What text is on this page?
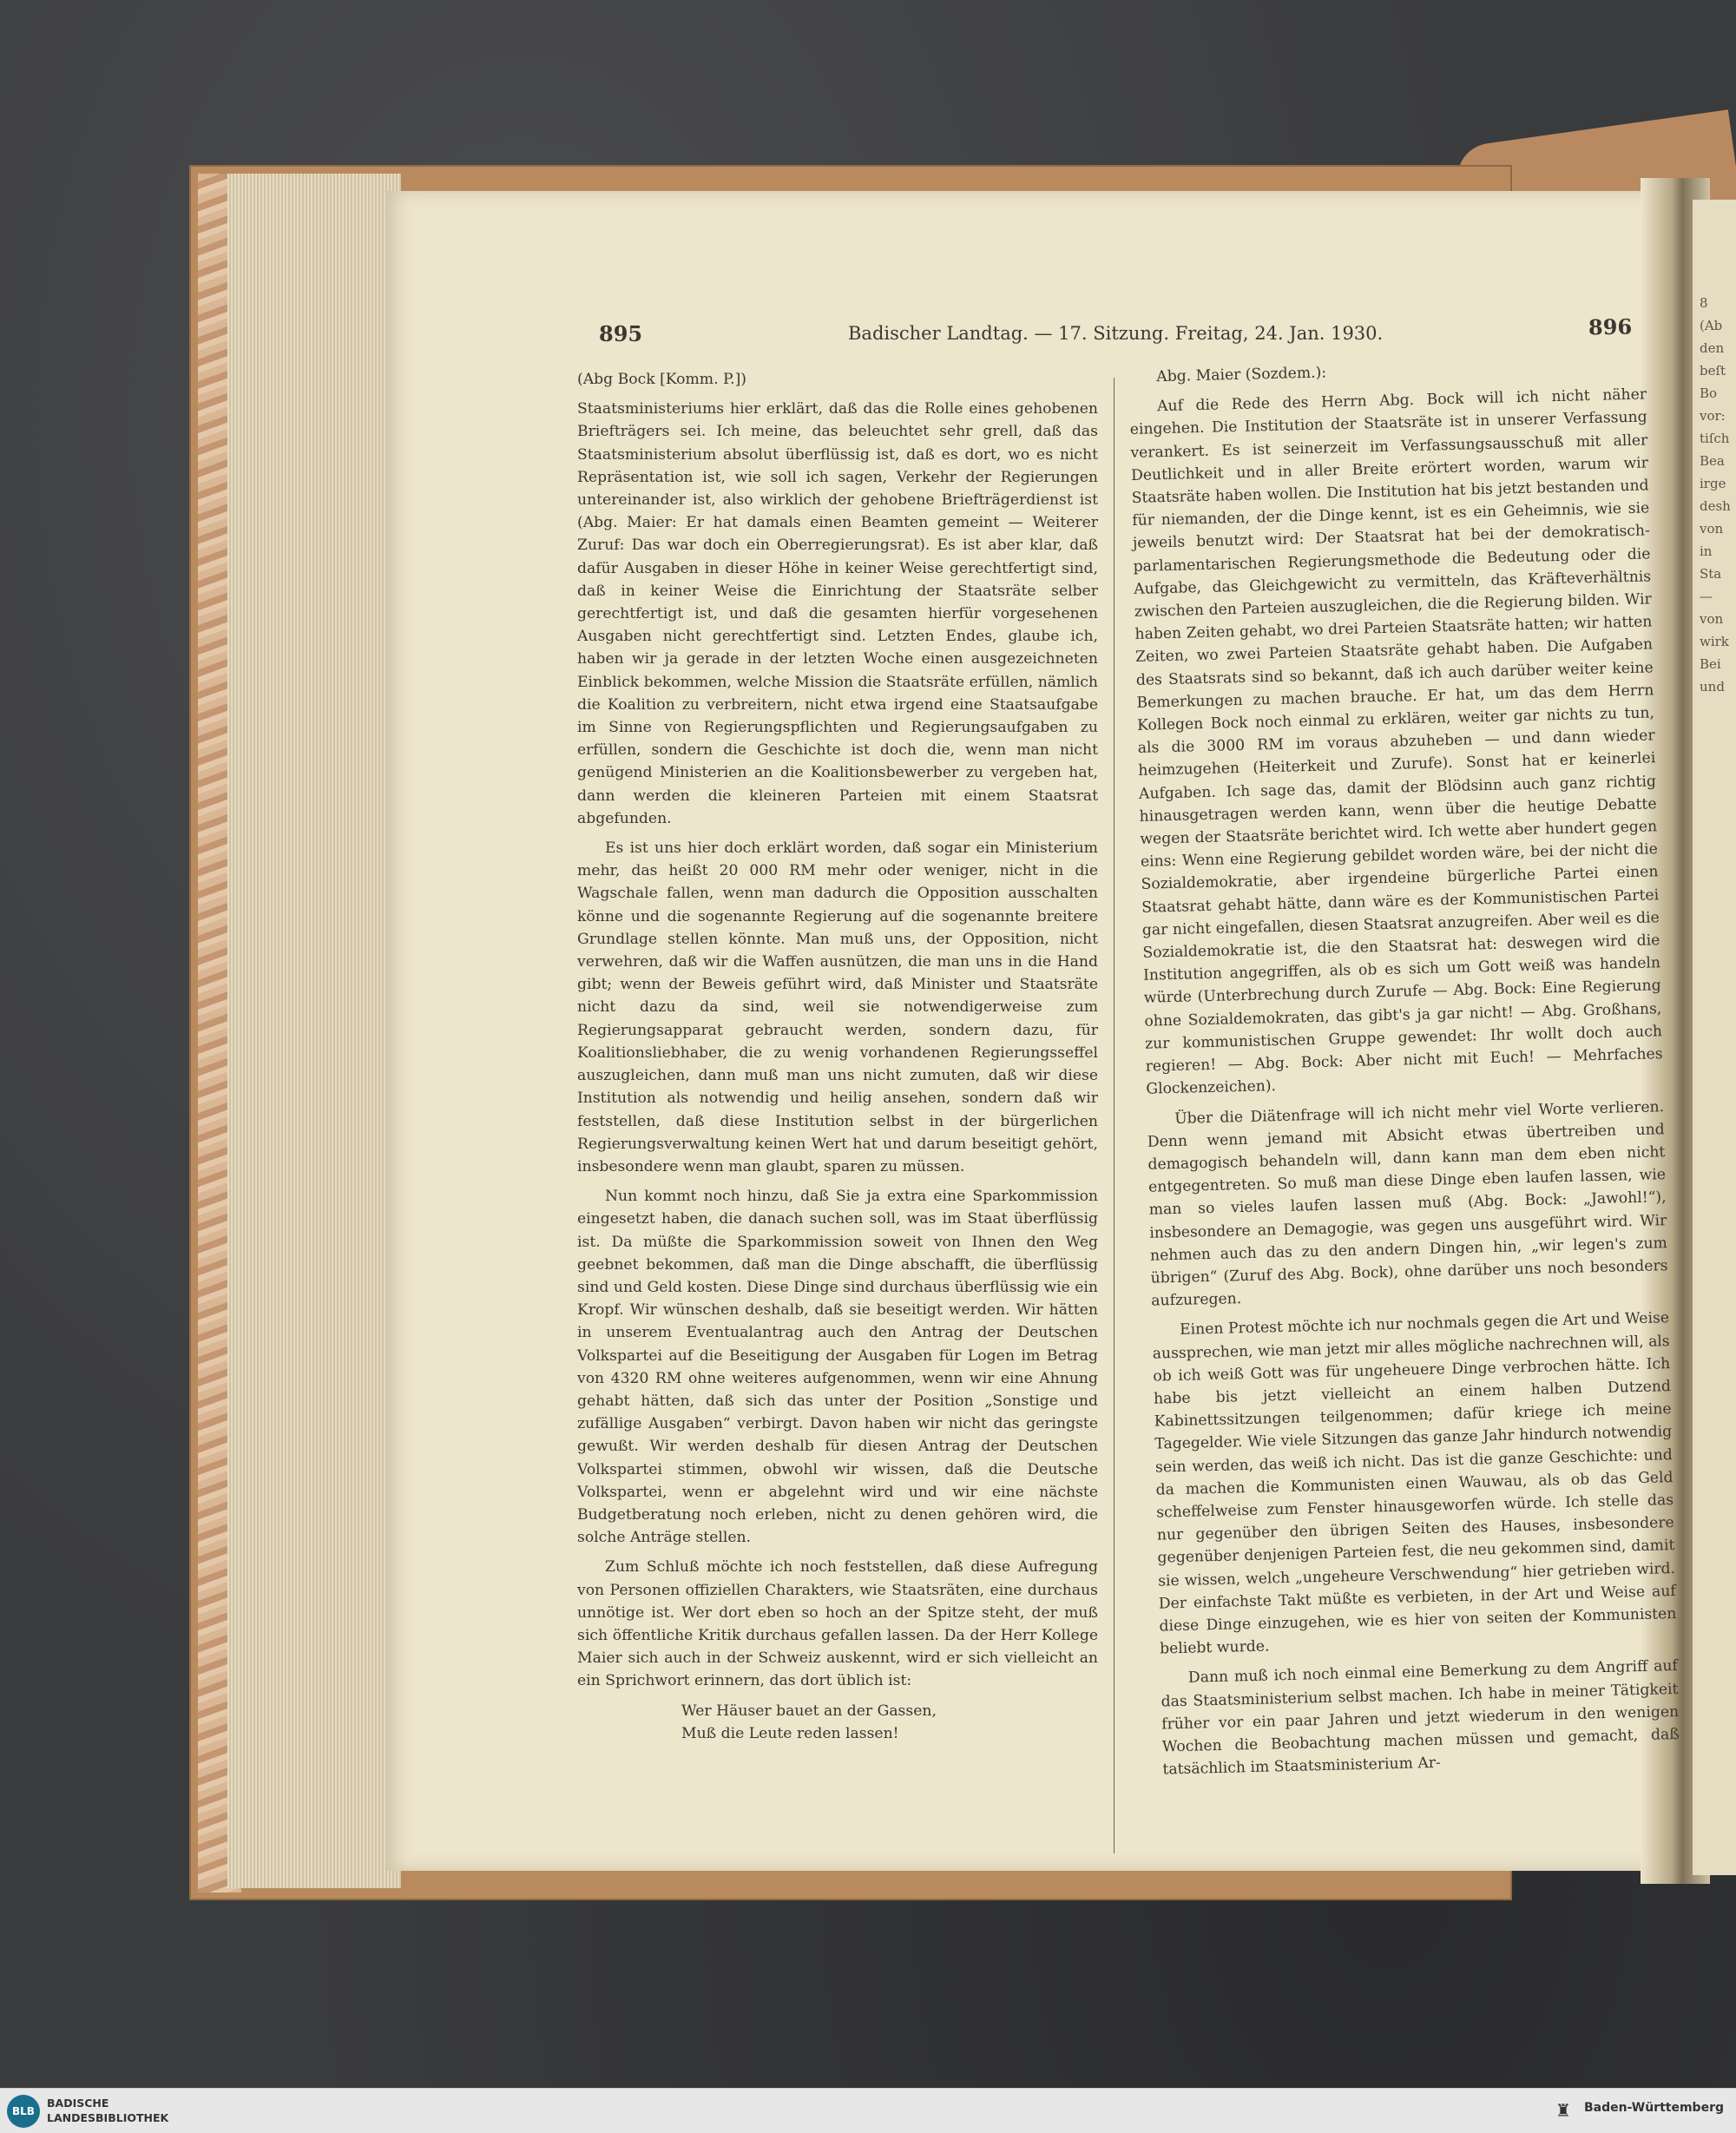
8
(Ab
den
beſt
Bo
vor:
tiſch
Bea
irge
desh
von
in
Sta
—
von
wirk
Bei
und
895	Badischer Landtag. — 17. Sitzung. Freitag, 24. Jan. 1930.	896

(Abg Bock [Komm. P.])

Staatsministeriums hier erklärt, daß das die Rolle eines gehobenen Briefträgers sei. Ich meine, das beleuchtet sehr grell, daß das Staatsministerium absolut überflüssig ist, daß es dort, wo es nicht Repräsentation ist, wie soll ich sagen, Verkehr der Regierungen untereinander ist, also wirklich der gehobene Briefträgerdienst ist (Abg. Maier: Er hat damals einen Beamten gemeint — Weiterer Zuruf: Das war doch ein Oberregierungsrat). Es ist aber klar, daß dafür Ausgaben in dieser Höhe in keiner Weise gerechtfertigt sind, daß in keiner Weise die Einrichtung der Staatsräte selber gerechtfertigt ist, und daß die gesamten hierfür vorgesehenen Ausgaben nicht gerechtfertigt sind. Letzten Endes, glaube ich, haben wir ja gerade in der letzten Woche einen ausgezeichneten Einblick bekommen, welche Mission die Staatsräte erfüllen, nämlich die Koalition zu verbreitern, nicht etwa irgend eine Staatsaufgabe im Sinne von Regierungspflichten und Regierungsaufgaben zu erfüllen, sondern die Geschichte ist doch die, wenn man nicht genügend Ministerien an die Koalitionsbewerber zu vergeben hat, dann werden die kleineren Parteien mit einem Staatsrat abgefunden.

Es ist uns hier doch erklärt worden, daß sogar ein Ministerium mehr, das heißt 20 000 RM mehr oder weniger, nicht in die Wagschale fallen, wenn man dadurch die Opposition ausschalten könne und die sogenannte Regierung auf die sogenannte breitere Grundlage stellen könnte. Man muß uns, der Opposition, nicht verwehren, daß wir die Waffen ausnützen, die man uns in die Hand gibt; wenn der Beweis geführt wird, daß Minister und Staatsräte nicht dazu da sind, weil sie notwendigerweise zum Regierungsapparat gebraucht werden, sondern dazu, für Koalitionsliebhaber, die zu wenig vorhandenen Regierungsseffel auszugleichen, dann muß man uns nicht zumuten, daß wir diese Institution als notwendig und heilig ansehen, sondern daß wir feststellen, daß diese Institution selbst in der bürgerlichen Regierungsverwaltung keinen Wert hat und darum beseitigt gehört, insbesondere wenn man glaubt, sparen zu müssen.

Nun kommt noch hinzu, daß Sie ja extra eine Sparkommission eingesetzt haben, die danach suchen soll, was im Staat überflüssig ist. Da müßte die Sparkommission soweit von Ihnen den Weg geebnet bekommen, daß man die Dinge abschafft, die überflüssig sind und Geld kosten. Diese Dinge sind durchaus überflüssig wie ein Kropf. Wir wünschen deshalb, daß sie beseitigt werden. Wir hätten in unserem Eventualantrag auch den Antrag der Deutschen Volkspartei auf die Beseitigung der Ausgaben für Logen im Betrag von 4320 RM ohne weiteres aufgenommen, wenn wir eine Ahnung gehabt hätten, daß sich das unter der Position „Sonstige und zufällige Ausgaben“ verbirgt. Davon haben wir nicht das geringste gewußt. Wir werden deshalb für diesen Antrag der Deutschen Volkspartei stimmen, obwohl wir wissen, daß die Deutsche Volkspartei, wenn er abgelehnt wird und wir eine nächste Budgetberatung noch erleben, nicht zu denen gehören wird, die solche Anträge stellen.

Zum Schluß möchte ich noch feststellen, daß diese Aufregung von Personen offiziellen Charakters, wie Staatsräten, eine durchaus unnötige ist. Wer dort eben so hoch an der Spitze steht, der muß sich öffentliche Kritik durchaus gefallen lassen. Da der Herr Kollege Maier sich auch in der Schweiz auskennt, wird er sich vielleicht an ein Sprichwort erinnern, das dort üblich ist:

Wer Häuser bauet an der Gassen,

Muß die Leute reden lassen!

Abg. Maier (Sozdem.):

Auf die Rede des Herrn Abg. Bock will ich nicht näher eingehen. Die Institution der Staatsräte ist in unserer Verfassung verankert. Es ist seinerzeit im Verfassungsausschuß mit aller Deutlichkeit und in aller Breite erörtert worden, warum wir Staatsräte haben wollen. Die Institution hat bis jetzt bestanden und für niemanden, der die Dinge kennt, ist es ein Geheimnis, wie sie jeweils benutzt wird: Der Staatsrat hat bei der demokratisch-parlamentarischen Regierungsmethode die Bedeutung oder die Aufgabe, das Gleichgewicht zu vermitteln, das Kräfteverhältnis zwischen den Parteien auszugleichen, die die Regierung bilden. Wir haben Zeiten gehabt, wo drei Parteien Staatsräte hatten; wir hatten Zeiten, wo zwei Parteien Staatsräte gehabt haben. Die Aufgaben des Staatsrats sind so bekannt, daß ich auch darüber weiter keine Bemerkungen zu machen brauche. Er hat, um das dem Herrn Kollegen Bock noch einmal zu erklären, weiter gar nichts zu tun, als die 3000 RM im voraus abzuheben — und dann wieder heimzugehen (Heiterkeit und Zurufe). Sonst hat er keinerlei Aufgaben. Ich sage das, damit der Blödsinn auch ganz richtig hinausgetragen werden kann, wenn über die heutige Debatte wegen der Staatsräte berichtet wird. Ich wette aber hundert gegen eins: Wenn eine Regierung gebildet worden wäre, bei der nicht die Sozialdemokratie, aber irgendeine bürgerliche Partei einen Staatsrat gehabt hätte, dann wäre es der Kommunistischen Partei gar nicht eingefallen, diesen Staatsrat anzugreifen. Aber weil es die Sozialdemokratie ist, die den Staatsrat hat: deswegen wird die Institution angegriffen, als ob es sich um Gott weiß was handeln würde (Unterbrechung durch Zurufe — Abg. Bock: Eine Regierung ohne Sozialdemokraten, das gibt's ja gar nicht! — Abg. Großhans, zur kommunistischen Gruppe gewendet: Ihr wollt doch auch regieren! — Abg. Bock: Aber nicht mit Euch! — Mehrfaches Glockenzeichen).

Über die Diätenfrage will ich nicht mehr viel Worte verlieren. Denn wenn jemand mit Absicht etwas übertreiben und demagogisch behandeln will, dann kann man dem eben nicht entgegentreten. So muß man diese Dinge eben laufen lassen, wie man so vieles laufen lassen muß (Abg. Bock: „Jawohl!“), insbesondere an Demagogie, was gegen uns ausgeführt wird. Wir nehmen auch das zu den andern Dingen hin, „wir legen's zum übrigen“ (Zuruf des Abg. Bock), ohne darüber uns noch besonders aufzuregen.

Einen Protest möchte ich nur nochmals gegen die Art und Weise aussprechen, wie man jetzt mir alles mögliche nachrechnen will, als ob ich weiß Gott was für ungeheuere Dinge verbrochen hätte. Ich habe bis jetzt vielleicht an einem halben Dutzend Kabinettssitzungen teilgenommen; dafür kriege ich meine Tagegelder. Wie viele Sitzungen das ganze Jahr hindurch notwendig sein werden, das weiß ich nicht. Das ist die ganze Geschichte: und da machen die Kommunisten einen Wauwau, als ob das Geld scheffelweise zum Fenster hinausgeworfen würde. Ich stelle das nur gegenüber den übrigen Seiten des Hauses, insbesondere gegenüber denjenigen Parteien fest, die neu gekommen sind, damit sie wissen, welch „ungeheure Verschwendung“ hier getrieben wird. Der einfachste Takt müßte es verbieten, in der Art und Weise auf diese Dinge einzugehen, wie es hier von seiten der Kommunisten beliebt wurde.

Dann muß ich noch einmal eine Bemerkung zu dem Angriff auf das Staatsministerium selbst machen. Ich habe in meiner Tätigkeit früher vor ein paar Jahren und jetzt wiederum in den wenigen Wochen die Beobachtung machen müssen und gemacht, daß tatsächlich im Staatsministerium Ar-

BLB
BADISCHE
LANDESBIBLIOTHEK	♜ Baden-Württemberg
